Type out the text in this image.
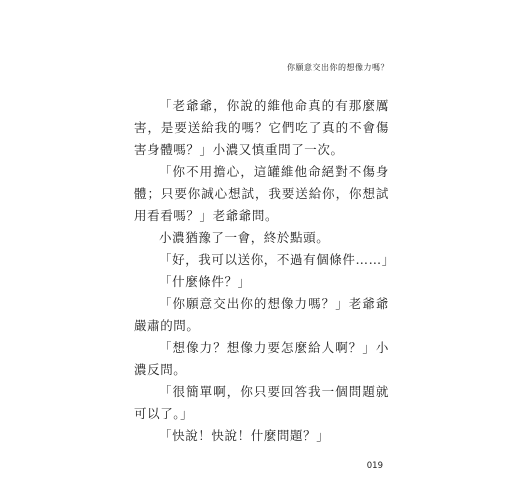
你願意交出你的想像力嗎？

「老爺爺，你說的維他命真的有那麼厲害，是要送給我的嗎？它們吃了真的不會傷害身體嗎？」小濃又慎重問了一次。

「你不用擔心，這罐維他命絕對不傷身體；只要你誠心想試，我要送給你，你想試用看看嗎？」老爺爺問。

小濃猶豫了一會，終於點頭。

「好，我可以送你，不過有個條件……」

「什麼條件？」

「你願意交出你的想像力嗎？」老爺爺嚴肅的問。

「想像力？想像力要怎麼給人啊？」小濃反問。

「很簡單啊，你只要回答我一個問題就可以了。」

「快說！快說！什麼問題？」

019
